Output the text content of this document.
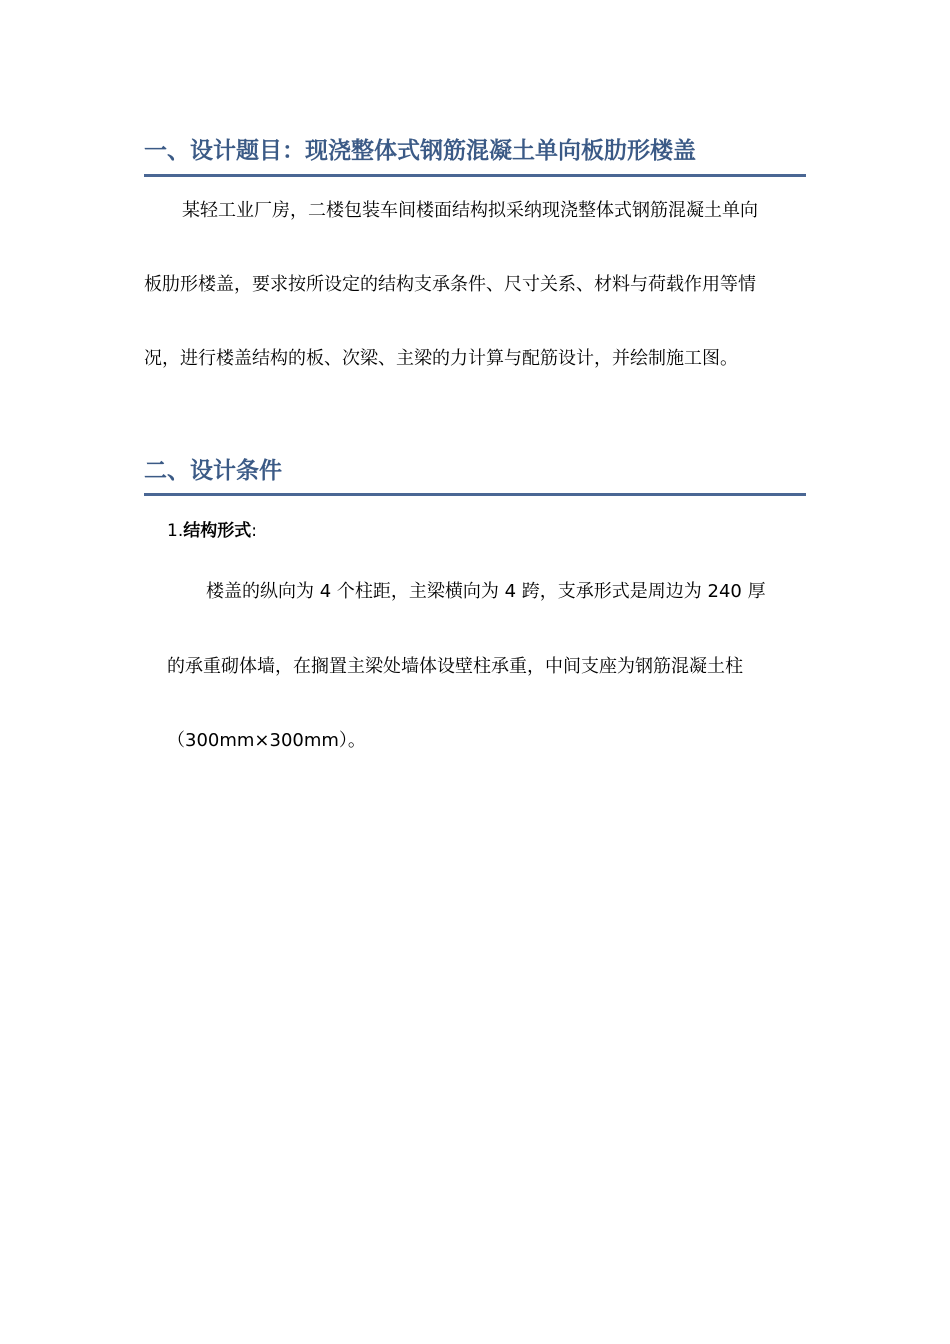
一、设计题目：现浇整体式钢筋混凝土单向板肋形楼盖

某轻工业厂房，二楼包装车间楼面结构拟采纳现浇整体式钢筋混凝土单向

板肋形楼盖，要求按所设定的结构支承条件、尺寸关系、材料与荷载作用等情

况，进行楼盖结构的板、次梁、主梁的力计算与配筋设计，并绘制施工图。

二、设计条件
1.结构形式:

楼盖的纵向为 4 个柱距，主梁横向为 4 跨，支承形式是周边为 240 厚

的承重砌体墙，在搁置主梁处墙体设壁柱承重，中间支座为钢筋混凝土柱

（300mm×300mm）。
